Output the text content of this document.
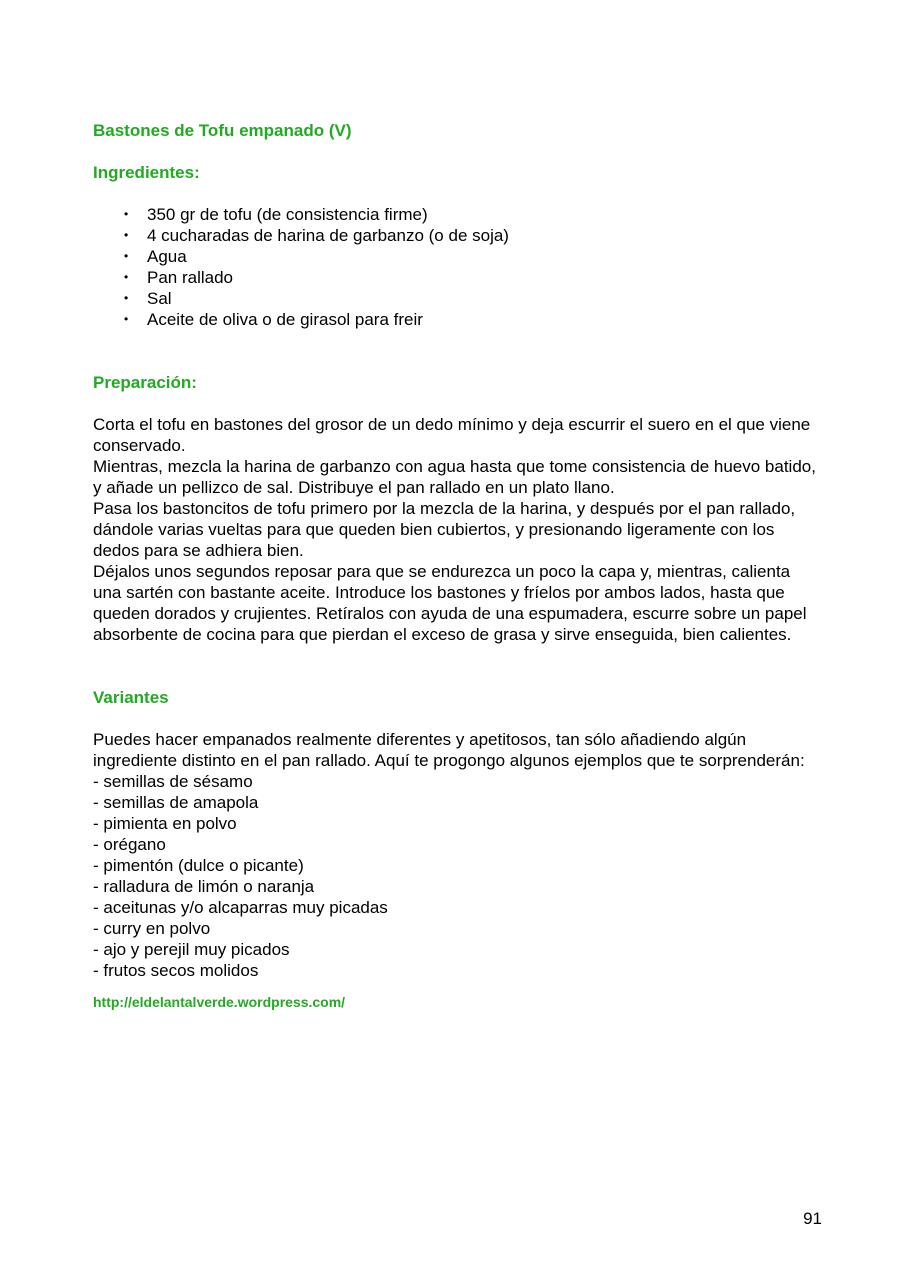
Bastones de Tofu empanado (V)
Ingredientes:
• 350 gr de tofu (de consistencia firme)
• 4 cucharadas de harina de garbanzo (o de soja)
• Agua
• Pan rallado
• Sal
• Aceite de oliva o de girasol para freir
Preparación:

Corta el tofu en bastones del grosor de un dedo mínimo y deja escurrir el suero en el que viene conservado.

Mientras, mezcla la harina de garbanzo con agua hasta que tome consistencia de huevo batido, y añade un pellizco de sal. Distribuye el pan rallado en un plato llano.

Pasa los bastoncitos de tofu primero por la mezcla de la harina, y después por el pan rallado, dándole varias vueltas para que queden bien cubiertos, y presionando ligeramente con los dedos para se adhiera bien.

Déjalos unos segundos reposar para que se endurezca un poco la capa y, mientras, calienta una sartén con bastante aceite. Introduce los bastones y fríelos por ambos lados, hasta que queden dorados y crujientes. Retíralos con ayuda de una espumadera, escurre sobre un papel absorbente de cocina para que pierdan el exceso de grasa y sirve enseguida, bien calientes.

Variantes

Puedes hacer empanados realmente diferentes y apetitosos, tan sólo añadiendo algún ingrediente distinto en el pan rallado. Aquí te progongo algunos ejemplos que te sorprenderán:

- semillas de sésamo
- semillas de amapola
- pimienta en polvo
- orégano
- pimentón (dulce o picante)
- ralladura de limón o naranja
- aceitunas y/o alcaparras muy picadas
- curry en polvo
- ajo y perejil muy picados
- frutos secos molidos
http://eldelantalverde.wordpress.com/
91
